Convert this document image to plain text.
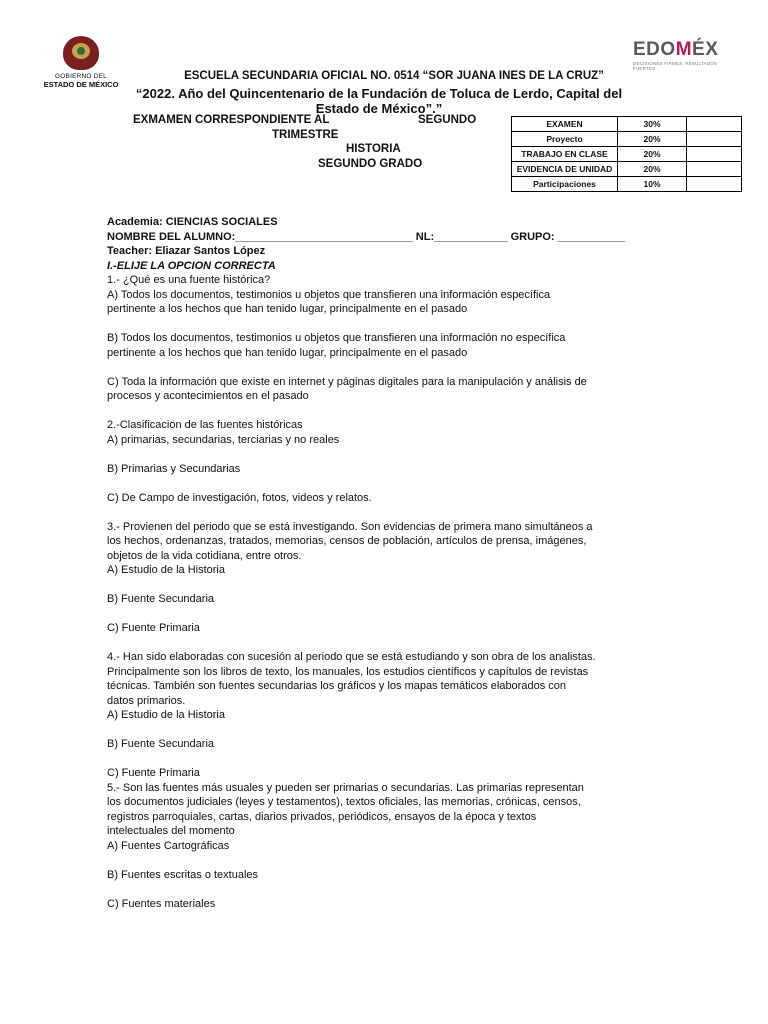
GOBIERNO DEL
ESTADO DE MÉXICO
EDOMÉX
DECISIONES FIRMES, RESULTADOS FUERTES
ESCUELA SECUNDARIA OFICIAL NO. 0514 “SOR JUANA INES DE LA CRUZ”
“2022. Año del Quincentenario de la Fundación de Toluca de Lerdo, Capital del
Estado de México”.”
EXMAMEN CORRESPONDIENTE AL	SEGUNDO
TRIMESTRE
HISTORIA
SEGUNDO GRADO
EXAMEN	30%	
Proyecto	20%	
TRABAJO EN CLASE	20%	
EVIDENCIA DE UNIDAD	20%	
Participaciones	10%	

Academia: CIENCIAS SOCIALES

NOMBRE DEL ALUMNO:_____________________________ NL:____________ GRUPO: ___________

Teacher: Eliazar Santos López

I.-ELIJE LA OPCION CORRECTA

1.- ¿Qué es una fuente histórica?

A) Todos los documentos, testimonios u objetos que transfieren una información específica

pertinente a los hechos que han tenido lugar, principalmente en el pasado

B) Todos los documentos, testimonios u objetos que transfieren una información no específica

pertinente a los hechos que han tenido lugar, principalmente en el pasado

C) Toda la información que existe en internet y páginas digitales para la manipulación y análisis de

procesos y acontecimientos en el pasado

2.-Clasificacion de las fuentes históricas

A) primarias, secundarias, terciarias y no reales

B) Primarias y Secundarias

C) De Campo de investigación, fotos, videos y relatos.

3.- Provienen del periodo que se está investigando. Son evidencias de primera mano simultáneos a

los hechos, ordenanzas, tratados, memorias, censos de población, artículos de prensa, imágenes,

objetos de la vida cotidiana, entre otros.

A) Estudio de la Historia

B) Fuente Secundaria

C) Fuente Primaria

4.- Han sido elaboradas con sucesión al periodo que se está estudiando y son obra de los analistas.

Principalmente son los libros de texto, los manuales, los estudios científicos y capítulos de revistas

técnicas. También son fuentes secundarias los gráficos y los mapas temáticos elaborados con

datos primarios.

A) Estudio de la Historia

B) Fuente Secundaria

C) Fuente Primaria

5.- Son las fuentes más usuales y pueden ser primarias o secundarias. Las primarias representan

los documentos judiciales (leyes y testamentos), textos oficiales, las memorias, crónicas, censos,

registros parroquiales, cartas, diarios privados, periódicos, ensayos de la época y textos

intelectuales del momento

A) Fuentes Cartográficas

B) Fuentes escritas o textuales

C) Fuentes materiales
